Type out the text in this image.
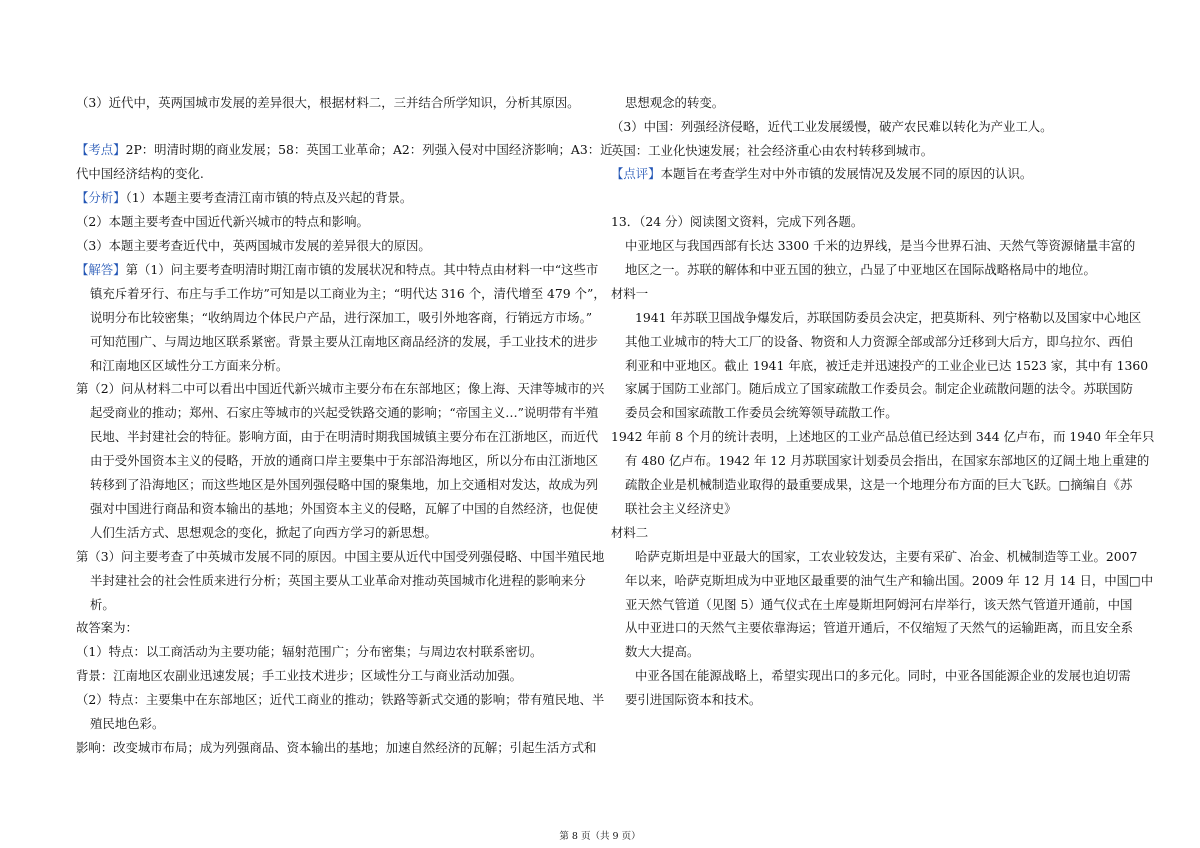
（3）近代中，英两国城市发展的差异很大，根据材料二，三并结合所学知识，分析其原因。
【考点】2P：明清时期的商业发展；58：英国工业革命；A2：列强入侵对中国经济影响；A3：近
代中国经济结构的变化.
【分析】（1）本题主要考查清江南市镇的特点及兴起的背景。
（2）本题主要考查中国近代新兴城市的特点和影响。
（3）本题主要考查近代中，英两国城市发展的差异很大的原因。
【解答】第（1）问主要考查明清时期江南市镇的发展状况和特点。其中特点由材料一中“这些市
镇充斥着牙行、布庄与手工作坊”可知是以工商业为主；“明代达 316 个，清代增至 479 个”，
说明分布比较密集；“收纳周边个体民户产品，进行深加工，吸引外地客商，行销远方市场。”
可知范围广、与周边地区联系紧密。背景主要从江南地区商品经济的发展，手工业技术的进步
和江南地区区域性分工方面来分析。
第（2）问从材料二中可以看出中国近代新兴城市主要分布在东部地区；像上海、天津等城市的兴
起受商业的推动；郑州、石家庄等城市的兴起受铁路交通的影响；“帝国主义…”说明带有半殖
民地、半封建社会的特征。影响方面，由于在明清时期我国城镇主要分布在江浙地区，而近代
由于受外国资本主义的侵略，开放的通商口岸主要集中于东部沿海地区，所以分布由江浙地区
转移到了沿海地区；而这些地区是外国列强侵略中国的聚集地，加上交通相对发达，故成为列
强对中国进行商品和资本输出的基地；外国资本主义的侵略，瓦解了中国的自然经济，也促使
人们生活方式、思想观念的变化，掀起了向西方学习的新思想。
第（3）问主要考查了中英城市发展不同的原因。中国主要从近代中国受列强侵略、中国半殖民地
半封建社会的社会性质来进行分析；英国主要从工业革命对推动英国城市化进程的影响来分
析。
故答案为：
（1）特点：以工商活动为主要功能；辐射范围广；分布密集；与周边农村联系密切。
背景：江南地区农副业迅速发展；手工业技术进步；区域性分工与商业活动加强。
（2）特点：主要集中在东部地区；近代工商业的推动；铁路等新式交通的影响；带有殖民地、半
殖民地色彩。
影响：改变城市布局；成为列强商品、资本输出的基地；加速自然经济的瓦解；引起生活方式和
思想观念的转变。
（3）中国：列强经济侵略，近代工业发展缓慢，破产农民难以转化为产业工人。
英国：工业化快速发展；社会经济重心由农村转移到城市。
【点评】本题旨在考查学生对中外市镇的发展情况及发展不同的原因的认识。
13．（24 分）阅读图文资料，完成下列各题。
中亚地区与我国西部有长达 3300 千米的边界线，是当今世界石油、天然气等资源储量丰富的
地区之一。苏联的解体和中亚五国的独立，凸显了中亚地区在国际战略格局中的地位。
材料一
1941 年苏联卫国战争爆发后，苏联国防委员会决定，把莫斯科、列宁格勒以及国家中心地区
其他工业城市的特大工厂的设备、物资和人力资源全部或部分迁移到大后方，即乌拉尔、西伯
利亚和中亚地区。截止 1941 年底，被迁走并迅速投产的工业企业已达 1523 家，其中有 1360
家属于国防工业部门。随后成立了国家疏散工作委员会。制定企业疏散问题的法令。苏联国防
委员会和国家疏散工作委员会统筹领导疏散工作。
1942 年前 8 个月的统计表明，上述地区的工业产品总值已经达到 344 亿卢布，而 1940 年全年只
有 480 亿卢布。1942 年 12 月苏联国家计划委员会指出，在国家东部地区的辽阔土地上重建的
疏散企业是机械制造业取得的最重要成果，这是一个地理分布方面的巨大飞跃。□摘编自《苏
联社会主义经济史》
材料二
哈萨克斯坦是中亚最大的国家，工农业较发达，主要有采矿、冶金、机械制造等工业。2007
年以来，哈萨克斯坦成为中亚地区最重要的油气生产和输出国。2009 年 12 月 14 日，中国□中
亚天然气管道（见图 5）通气仪式在土库曼斯坦阿姆河右岸举行，该天然气管道开通前，中国
从中亚进口的天然气主要依靠海运；管道开通后，不仅缩短了天然气的运输距离，而且安全系
数大大提高。
中亚各国在能源战略上，希望实现出口的多元化。同时，中亚各国能源企业的发展也迫切需
要引进国际资本和技术。
第 8 页（共 9 页）
